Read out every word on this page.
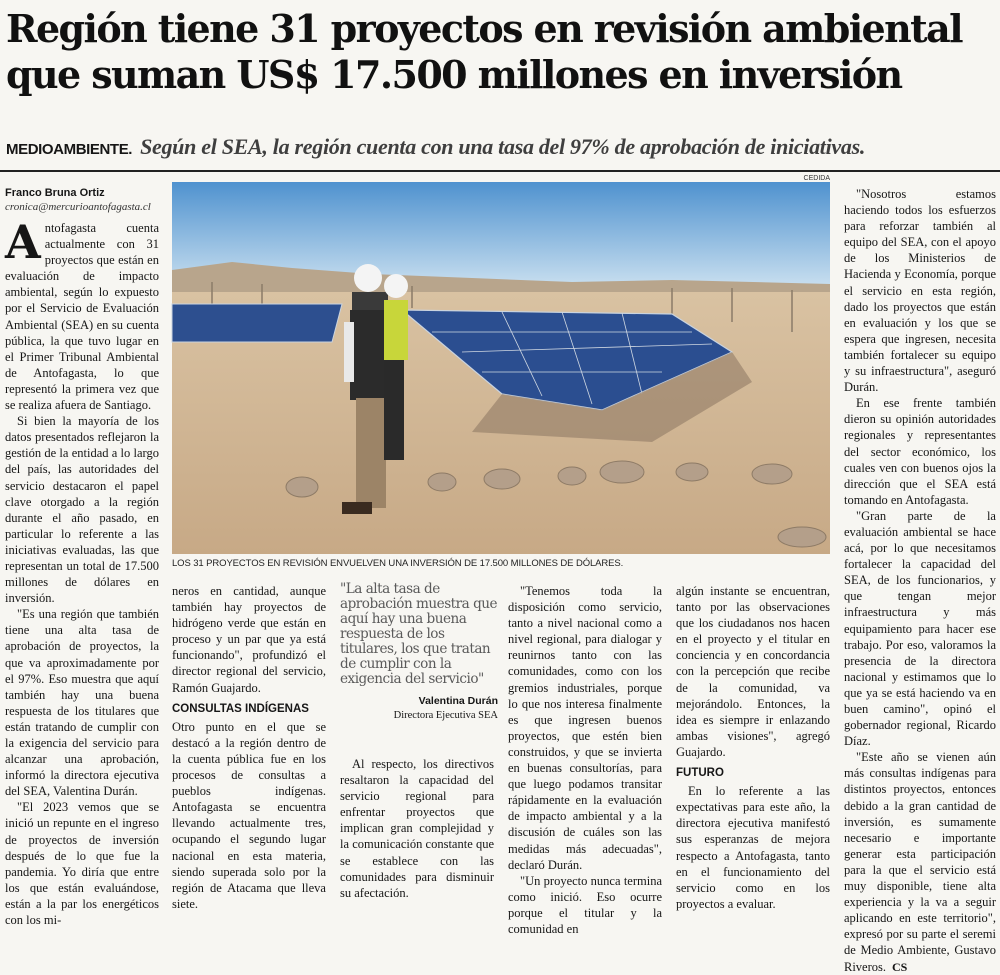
Región tiene 31 proyectos en revisión ambiental que suman US$ 17.500 millones en inversión
MEDIOAMBIENTE. Según el SEA, la región cuenta con una tasa del 97% de aprobación de iniciativas.
Franco Bruna Ortiz
cronica@mercurioantofagasta.cl

Antofagasta cuenta actualmente con 31 proyectos que están en evaluación de impacto ambiental, según lo expuesto por el Servicio de Evaluación Ambiental (SEA) en su cuenta pública, la que tuvo lugar en el Primer Tribunal Ambiental de Antofagasta, lo que representó la primera vez que se realiza afuera de Santiago.

Si bien la mayoría de los datos presentados reflejaron la gestión de la entidad a lo largo del país, las autoridades del servicio destacaron el papel clave otorgado a la región durante el año pasado, en particular lo referente a las iniciativas evaluadas, las que representan un total de 17.500 millones de dólares en inversión.

"Es una región que también tiene una alta tasa de aprobación de proyectos, la que va aproximadamente por el 97%. Eso muestra que aquí también hay una buena respuesta de los titulares que están tratando de cumplir con la exigencia del servicio para alcanzar una aprobación, informó la directora ejecutiva del SEA, Valentina Durán.

"El 2023 vemos que se inició un repunte en el ingreso de proyectos de inversión después de lo que fue la pandemia. Yo diría que entre los que están evaluándose, están a la par los energéticos con los mi-

CEDIDA
LOS 31 PROYECTOS EN REVISIÓN ENVUELVEN UNA INVERSIÓN DE 17.500 MILLONES DE DÓLARES.

neros en cantidad, aunque también hay proyectos de hidrógeno verde que están en proceso y un par que ya está funcionando", profundizó el director regional del servicio, Ramón Guajardo.

CONSULTAS INDÍGENAS

Otro punto en el que se destacó a la región dentro de la cuenta pública fue en los procesos de consultas a pueblos indígenas. Antofagasta se encuentra llevando actualmente tres, ocupando el segundo lugar nacional en esta materia, siendo superada solo por la región de Atacama que lleva siete.

"La alta tasa de aprobación muestra que aquí hay una buena respuesta de los titulares, los que tratan de cumplir con la exigencia del servicio"
Valentina Durán
Directora Ejecutiva SEA

Al respecto, los directivos resaltaron la capacidad del servicio regional para enfrentar proyectos que implican gran complejidad y la comunicación constante que se establece con las comunidades para disminuir su afectación.

"Tenemos toda la disposición como servicio, tanto a nivel nacional como a nivel regional, para dialogar y reunirnos tanto con las comunidades, como con los gremios industriales, porque lo que nos interesa finalmente es que ingresen buenos proyectos, que estén bien construidos, y que se invierta en buenas consultorías, para que luego podamos transitar rápidamente en la evaluación de impacto ambiental y a la discusión de cuáles son las medidas más adecuadas", declaró Durán.

"Un proyecto nunca termina como inició. Eso ocurre porque el titular y la comunidad en

algún instante se encuentran, tanto por las observaciones que los ciudadanos nos hacen en el proyecto y el titular en conciencia y en concordancia con la percepción que recibe de la comunidad, va mejorándolo. Entonces, la idea es siempre ir enlazando ambas visiones", agregó Guajardo.

FUTURO

En lo referente a las expectativas para este año, la directora ejecutiva manifestó sus esperanzas de mejora respecto a Antofagasta, tanto en el funcionamiento del servicio como en los proyectos a evaluar.

"Nosotros estamos haciendo todos los esfuerzos para reforzar también al equipo del SEA, con el apoyo de los Ministerios de Hacienda y Economía, porque el servicio en esta región, dado los proyectos que están en evaluación y los que se espera que ingresen, necesita también fortalecer su equipo y su infraestructura", aseguró Durán.

En ese frente también dieron su opinión autoridades regionales y representantes del sector económico, los cuales ven con buenos ojos la dirección que el SEA está tomando en Antofagasta.

"Gran parte de la evaluación ambiental se hace acá, por lo que necesitamos fortalecer la capacidad del SEA, de los funcionarios, y que tengan mejor infraestructura y más equipamiento para hacer ese trabajo. Por eso, valoramos la presencia de la directora nacional y estimamos que lo que ya se está haciendo va en buen camino", opinó el gobernador regional, Ricardo Díaz.

"Este año se vienen aún más consultas indígenas para distintos proyectos, entonces debido a la gran cantidad de inversión, es sumamente necesario e importante generar esta participación para la que el servicio está muy disponible, tiene alta experiencia y la va a seguir aplicando en este territorio", expresó por su parte el seremi de Medio Ambiente, Gustavo Riveros. CS
